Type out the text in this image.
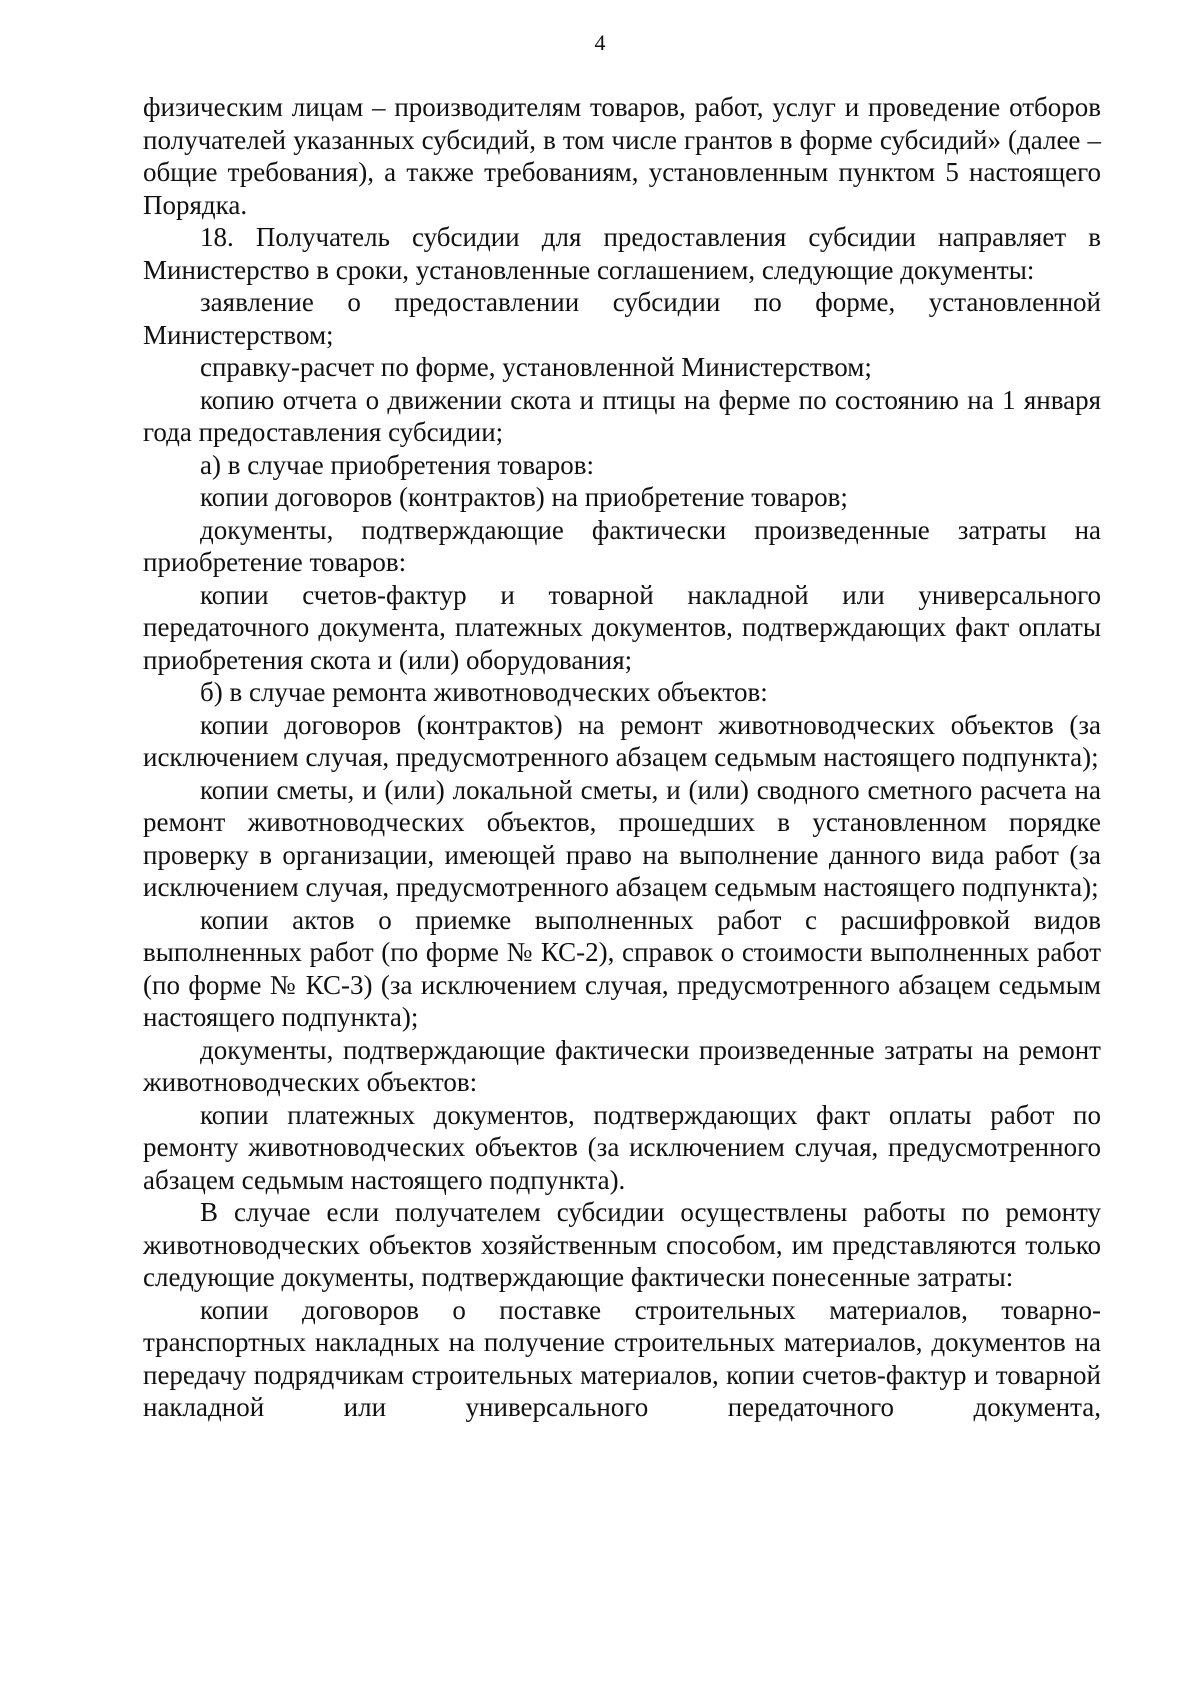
4

физическим лицам – производителям товаров, работ, услуг и проведение отборов получателей указанных субсидий, в том числе грантов в форме субсидий» (далее – общие требования), а также требованиям, установленным пунктом 5 настоящего Порядка.

18. Получатель субсидии для предоставления субсидии направляет в Министерство в сроки, установленные соглашением, следующие документы:

заявление о предоставлении субсидии по форме, установленной Министерством;

справку-расчет по форме, установленной Министерством;

копию отчета о движении скота и птицы на ферме по состоянию на 1 января года предоставления субсидии;

а) в случае приобретения товаров:

копии договоров (контрактов) на приобретение товаров;

документы, подтверждающие фактически произведенные затраты на приобретение товаров:

копии счетов-фактур и товарной накладной или универсального передаточного документа, платежных документов, подтверждающих факт оплаты приобретения скота и (или) оборудования;

б) в случае ремонта животноводческих объектов:

копии договоров (контрактов) на ремонт животноводческих объектов (за исключением случая, предусмотренного абзацем седьмым настоящего подпункта);

копии сметы, и (или) локальной сметы, и (или) сводного сметного расчета на ремонт животноводческих объектов, прошедших в установленном порядке проверку в организации, имеющей право на выполнение данного вида работ (за исключением случая, предусмотренного абзацем седьмым настоящего подпункта);

копии актов о приемке выполненных работ с расшифровкой видов выполненных работ (по форме № КС-2), справок о стоимости выполненных работ (по форме № КС-3) (за исключением случая, предусмотренного абзацем седьмым настоящего подпункта);

документы, подтверждающие фактически произведенные затраты на ремонт животноводческих объектов:

копии платежных документов, подтверждающих факт оплаты работ по ремонту животноводческих объектов (за исключением случая, предусмотренного абзацем седьмым настоящего подпункта).

В случае если получателем субсидии осуществлены работы по ремонту животноводческих объектов хозяйственным способом, им представляются только следующие документы, подтверждающие фактически понесенные затраты:

копии договоров о поставке строительных материалов, товарно-транспортных накладных на получение строительных материалов, документов на передачу подрядчикам строительных материалов, копии счетов-фактур и товарной накладной или универсального передаточного документа,
